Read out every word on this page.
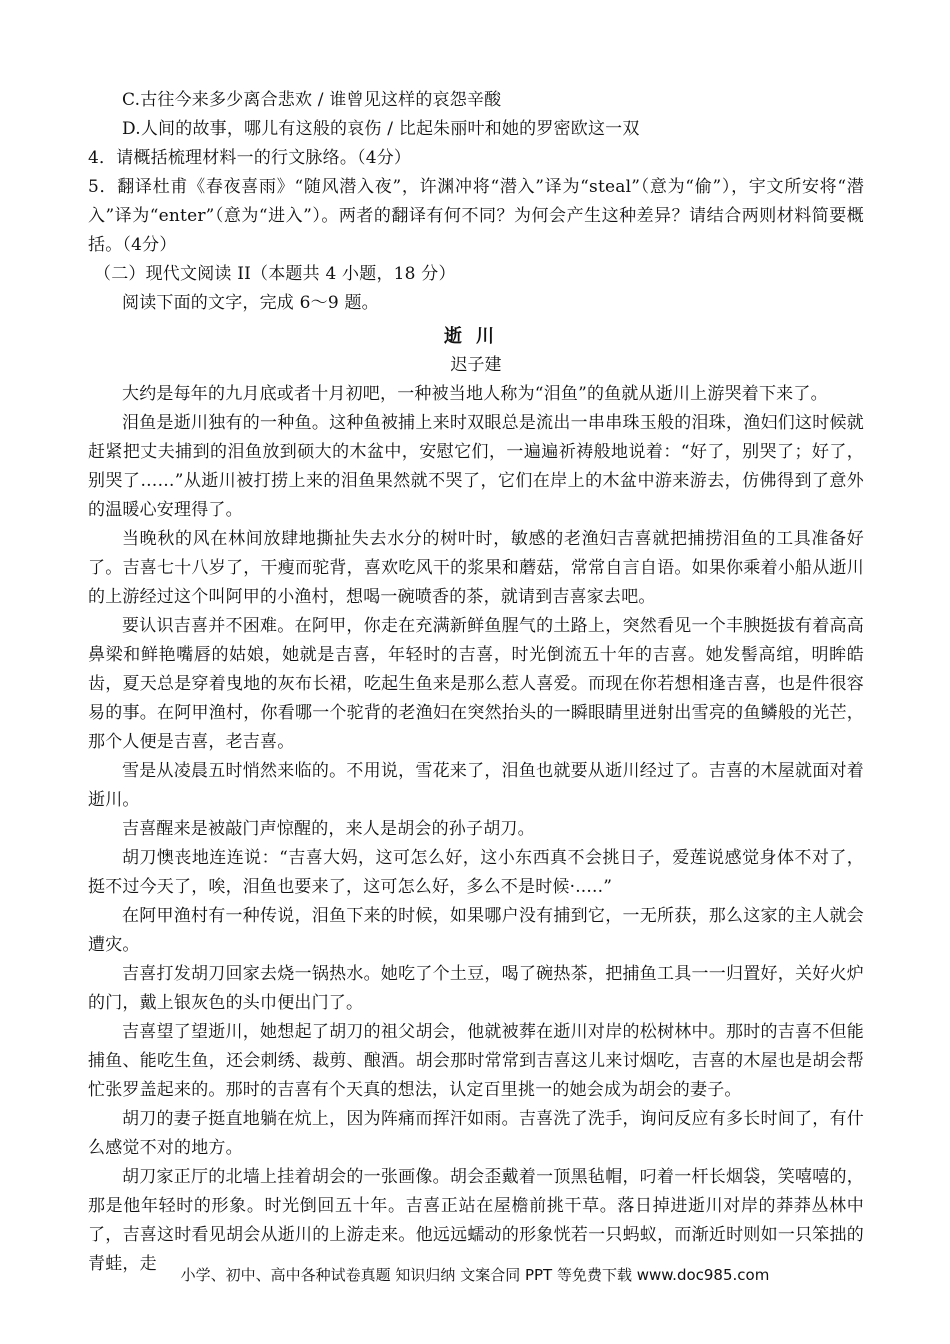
C.古往今来多少离合悲欢 / 谁曾见这样的哀怨辛酸

D.人间的故事，哪儿有这般的哀伤 / 比起朱丽叶和她的罗密欧这一双

4．请概括梳理材料一的行文脉络。（4分）

5．翻译杜甫《春夜喜雨》“随风潜入夜”，许渊冲将“潜入”译为“steal”（意为“偷”），宇文所安将“潜入”译为“enter”（意为“进入”）。两者的翻译有何不同？为何会产生这种差异？请结合两则材料简要概括。（4分）

（二）现代文阅读 II（本题共 4 小题，18 分）

阅读下面的文字，完成 6～9 题。

逝川
迟子建

大约是每年的九月底或者十月初吧，一种被当地人称为“泪鱼”的鱼就从逝川上游哭着下来了。

泪鱼是逝川独有的一种鱼。这种鱼被捕上来时双眼总是流出一串串珠玉般的泪珠，渔妇们这时候就赶紧把丈夫捕到的泪鱼放到硕大的木盆中，安慰它们，一遍遍祈祷般地说着：“好了，别哭了；好了，别哭了……”从逝川被打捞上来的泪鱼果然就不哭了，它们在岸上的木盆中游来游去，仿佛得到了意外的温暖心安理得了。

当晚秋的风在林间放肆地撕扯失去水分的树叶时，敏感的老渔妇吉喜就把捕捞泪鱼的工具准备好了。吉喜七十八岁了，干瘦而驼背，喜欢吃风干的浆果和蘑菇，常常自言自语。如果你乘着小船从逝川的上游经过这个叫阿甲的小渔村，想喝一碗喷香的茶，就请到吉喜家去吧。

要认识吉喜并不困难。在阿甲，你走在充满新鲜鱼腥气的土路上，突然看见一个丰腴挺拔有着高高鼻梁和鲜艳嘴唇的姑娘，她就是吉喜，年轻时的吉喜，时光倒流五十年的吉喜。她发髻高绾，明眸皓齿，夏天总是穿着曳地的灰布长裙，吃起生鱼来是那么惹人喜爱。而现在你若想相逢吉喜，也是件很容易的事。在阿甲渔村，你看哪一个驼背的老渔妇在突然抬头的一瞬眼睛里迸射出雪亮的鱼鳞般的光芒，那个人便是吉喜，老吉喜。

雪是从凌晨五时悄然来临的。不用说，雪花来了，泪鱼也就要从逝川经过了。吉喜的木屋就面对着逝川。

吉喜醒来是被敲门声惊醒的，来人是胡会的孙子胡刀。

胡刀懊丧地连连说：“吉喜大妈，这可怎么好，这小东西真不会挑日子，爱莲说感觉身体不对了，挺不过今天了，唉，泪鱼也要来了，这可怎么好，多么不是时候·.....”

在阿甲渔村有一种传说，泪鱼下来的时候，如果哪户没有捕到它，一无所获，那么这家的主人就会遭灾。

吉喜打发胡刀回家去烧一锅热水。她吃了个土豆，喝了碗热茶，把捕鱼工具一一归置好，关好火炉的门，戴上银灰色的头巾便出门了。

吉喜望了望逝川，她想起了胡刀的祖父胡会，他就被葬在逝川对岸的松树林中。那时的吉喜不但能捕鱼、能吃生鱼，还会刺绣、裁剪、酿酒。胡会那时常常到吉喜这儿来讨烟吃，吉喜的木屋也是胡会帮忙张罗盖起来的。那时的吉喜有个天真的想法，认定百里挑一的她会成为胡会的妻子。

胡刀的妻子挺直地躺在炕上，因为阵痛而挥汗如雨。吉喜洗了洗手，询问反应有多长时间了，有什么感觉不对的地方。

胡刀家正厅的北墙上挂着胡会的一张画像。胡会歪戴着一顶黑毡帽，叼着一杆长烟袋，笑嘻嘻的，那是他年轻时的形象。时光倒回五十年。吉喜正站在屋檐前挑干草。落日掉进逝川对岸的莽莽丛林中了，吉喜这时看见胡会从逝川的上游走来。他远远蠕动的形象恍若一只蚂蚁，而渐近时则如一只笨拙的青蛙，走

小学、初中、高中各种试卷真题 知识归纳 文案合同 PPT 等免费下载 www.doc985.com
